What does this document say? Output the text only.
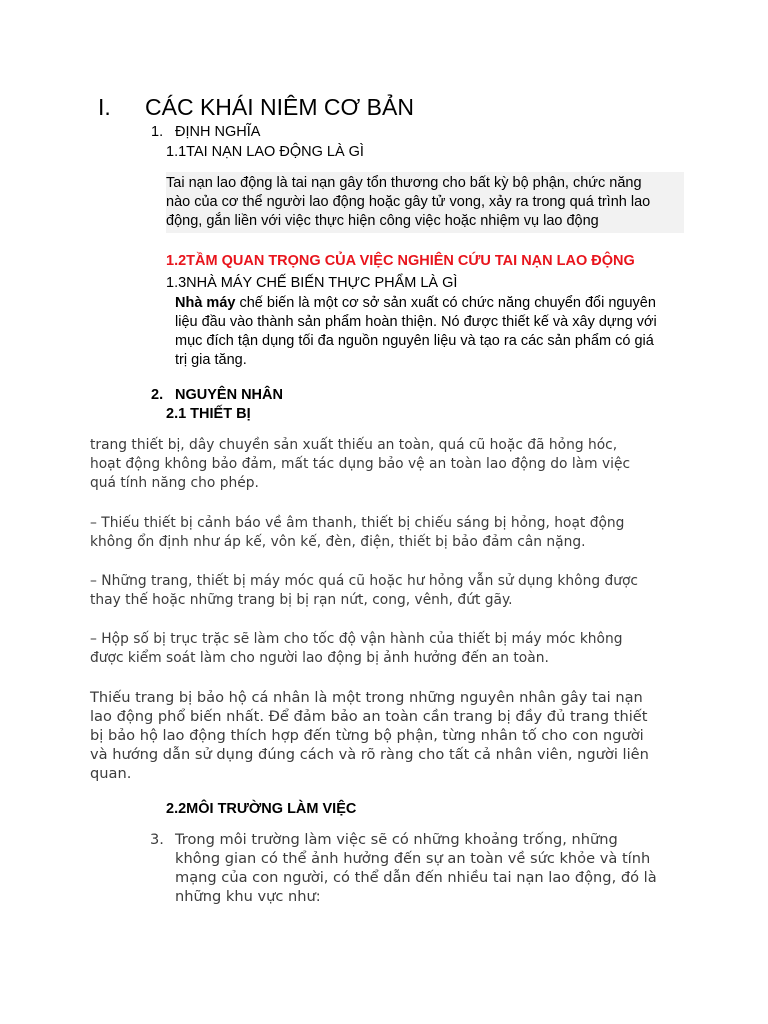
I. CÁC KHÁI NIÊM CƠ BẢN
1. ĐỊNH NGHĨA
1.1TAI NẠN LAO ĐỘNG LÀ GÌ
Tai nạn lao động là tai nạn gây tổn thương cho bất kỳ bộ phận, chức năng
nào của cơ thể người lao động hoặc gây tử vong, xảy ra trong quá trình lao
động, gắn liền với việc thực hiện công việc hoặc nhiệm vụ lao động
1.2TẦM QUAN TRỌNG CỦA VIỆC NGHIÊN CỨU TAI NẠN LAO ĐỘNG
1.3NHÀ MÁY CHẾ BIẾN THỰC PHẨM LÀ GÌ
Nhà máy chế biến là một cơ sở sản xuất có chức năng chuyển đổi nguyên
liệu đầu vào thành sản phẩm hoàn thiện. Nó được thiết kế và xây dựng với
mục đích tận dụng tối đa nguồn nguyên liệu và tạo ra các sản phẩm có giá
trị gia tăng.
2. NGUYÊN NHÂN
2.1 THIẾT BỊ
trang thiết bị, dây chuyền sản xuất thiếu an toàn, quá cũ hoặc đã hỏng hóc,
hoạt động không bảo đảm, mất tác dụng bảo vệ an toàn lao động do làm việc
quá tính năng cho phép.
– Thiếu thiết bị cảnh báo về âm thanh, thiết bị chiếu sáng bị hỏng, hoạt động
không ổn định như áp kế, vôn kế, đèn, điện, thiết bị bảo đảm cân nặng.
– Những trang, thiết bị máy móc quá cũ hoặc hư hỏng vẫn sử dụng không được
thay thế hoặc những trang bị bị rạn nứt, cong, vênh, đứt gãy.
– Hộp số bị trục trặc sẽ làm cho tốc độ vận hành của thiết bị máy móc không
được kiểm soát làm cho người lao động bị ảnh hưởng đến an toàn.
Thiếu trang bị bảo hộ cá nhân là một trong những nguyên nhân gây tai nạn
lao động phổ biến nhất. Để đảm bảo an toàn cần trang bị đầy đủ trang thiết
bị bảo hộ lao động thích hợp đến từng bộ phận, từng nhân tố cho con người
và hướng dẫn sử dụng đúng cách và rõ ràng cho tất cả nhân viên, người liên
quan.
2.2MÔI TRƯỜNG LÀM VIỆC
3. Trong môi trường làm việc sẽ có những khoảng trống, những
không gian có thể ảnh hưởng đến sự an toàn về sức khỏe và tính
mạng của con người, có thể dẫn đến nhiều tai nạn lao động, đó là
những khu vực như:
